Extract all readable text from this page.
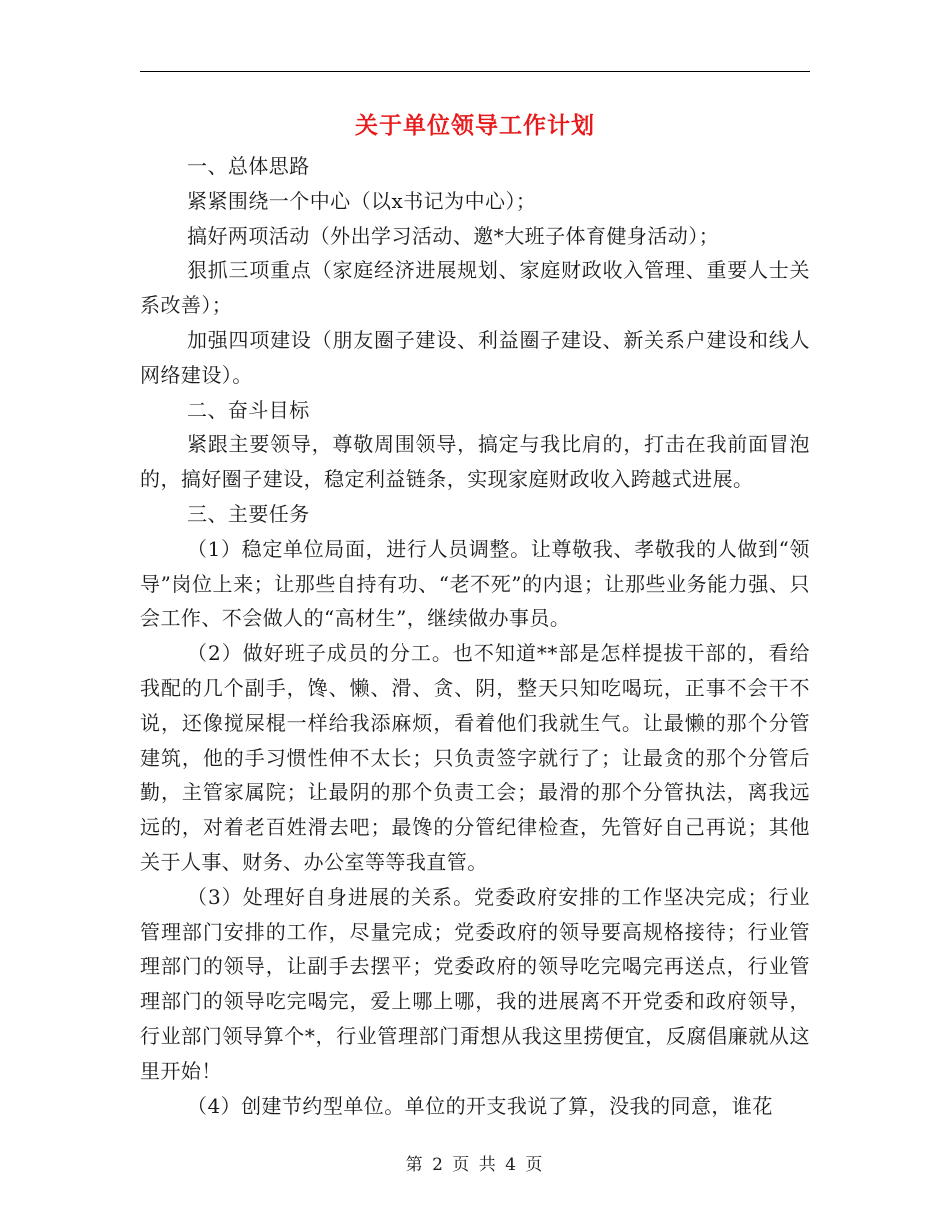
关于单位领导工作计划

一、总体思路

紧紧围绕一个中心（以x书记为中心）；

搞好两项活动（外出学习活动、邀*大班子体育健身活动）；

狠抓三项重点（家庭经济进展规划、家庭财政收入管理、重要人士关系改善）；

加强四项建设（朋友圈子建设、利益圈子建设、新关系户建设和线人网络建设）。

二、奋斗目标

紧跟主要领导，尊敬周围领导，搞定与我比肩的，打击在我前面冒泡的，搞好圈子建设，稳定利益链条，实现家庭财政收入跨越式进展。

三、主要任务

（1）稳定单位局面，进行人员调整。让尊敬我、孝敬我的人做到“领导”岗位上来；让那些自持有功、“老不死”的内退；让那些业务能力强、只会工作、不会做人的“高材生”，继续做办事员。

（2）做好班子成员的分工。也不知道**部是怎样提拔干部的，看给我配的几个副手，馋、懒、滑、贪、阴，整天只知吃喝玩，正事不会干不说，还像搅屎棍一样给我添麻烦，看着他们我就生气。让最懒的那个分管建筑，他的手习惯性伸不太长；只负责签字就行了；让最贪的那个分管后勤，主管家属院；让最阴的那个负责工会；最滑的那个分管执法，离我远远的，对着老百姓滑去吧；最馋的分管纪律检查，先管好自己再说；其他关于人事、财务、办公室等等我直管。

（3）处理好自身进展的关系。党委政府安排的工作坚决完成；行业管理部门安排的工作，尽量完成；党委政府的领导要高规格接待；行业管理部门的领导，让副手去摆平；党委政府的领导吃完喝完再送点，行业管理部门的领导吃完喝完，爱上哪上哪，我的进展离不开党委和政府领导，行业部门领导算个*，行业管理部门甭想从我这里捞便宜，反腐倡廉就从这里开始！

（4）创建节约型单位。单位的开支我说了算，没我的同意，谁花

第 2 页 共 4 页
